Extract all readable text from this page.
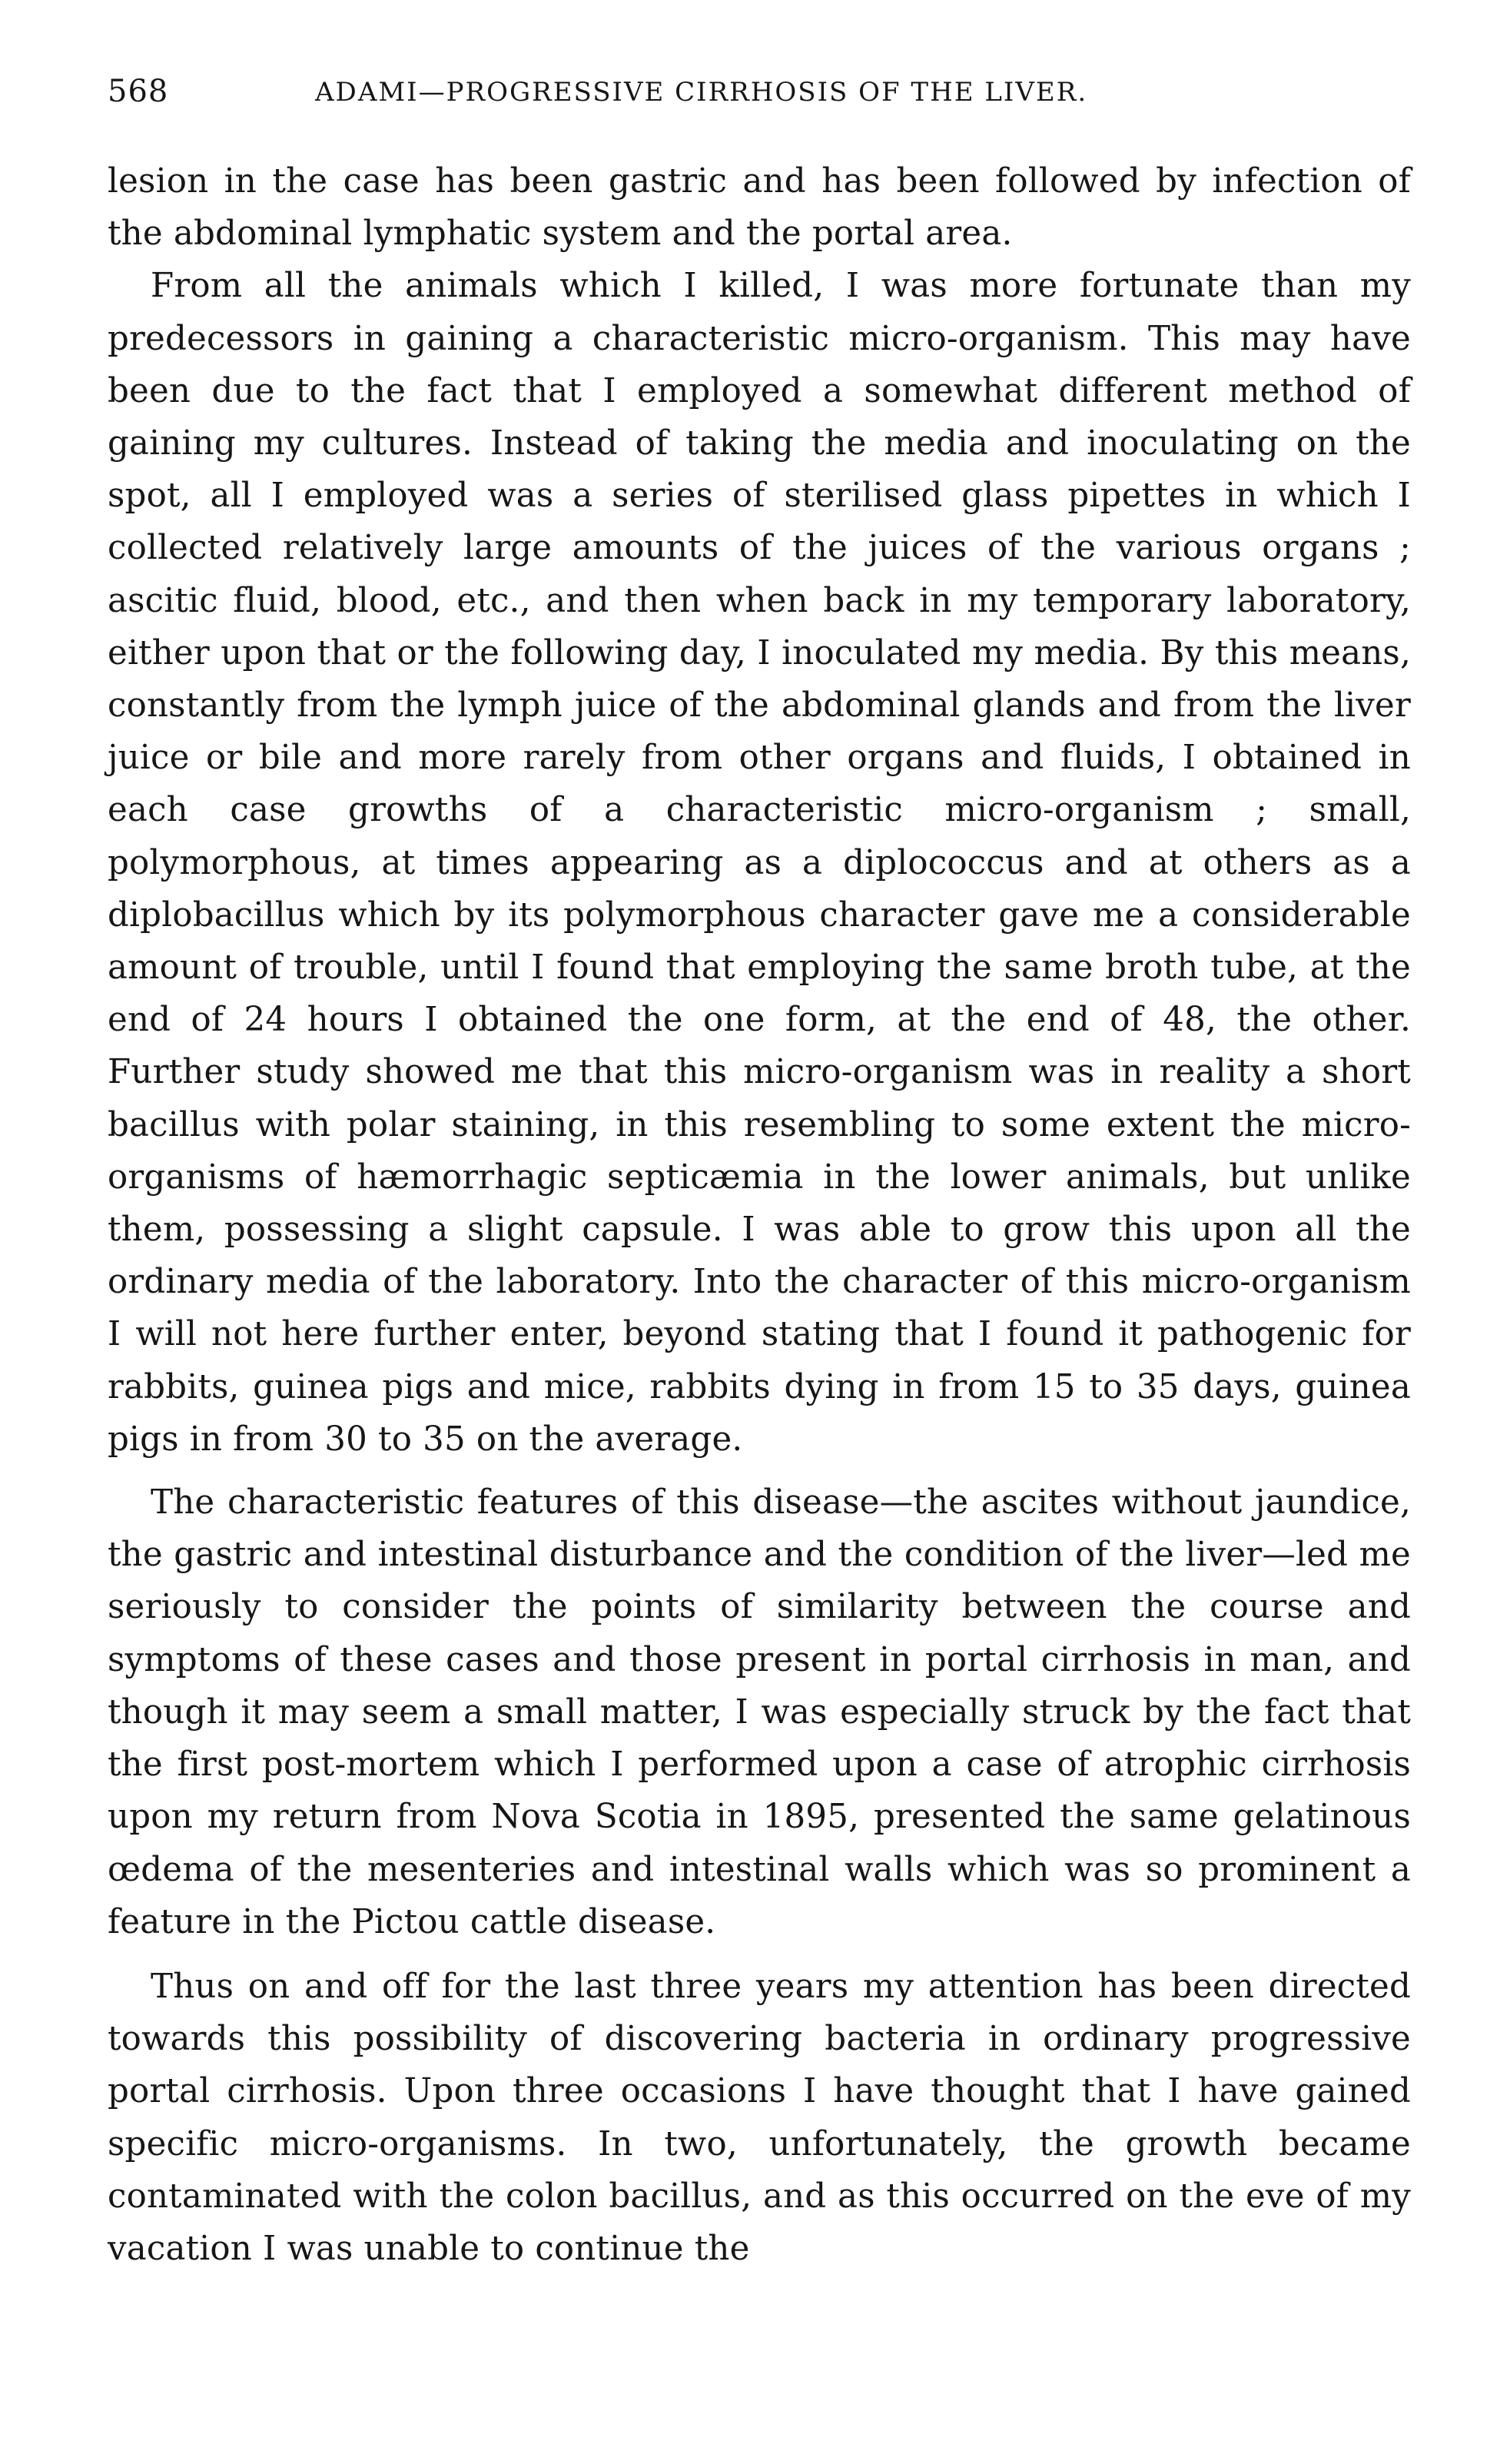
568	ADAMI—PROGRESSIVE CIRRHOSIS OF THE LIVER.

lesion in the case has been gastric and has been followed by infection of the abdominal lymphatic system and the portal area.

From all the animals which I killed, I was more fortunate than my predecessors in gaining a characteristic micro-organism. This may have been due to the fact that I employed a somewhat different method of gaining my cultures. Instead of taking the media and inoculating on the spot, all I employed was a series of sterilised glass pipettes in which I collected relatively large amounts of the juices of the various organs ; ascitic fluid, blood, etc., and then when back in my temporary laboratory, either upon that or the following day, I inoculated my media. By this means, constantly from the lymph juice of the abdominal glands and from the liver juice or bile and more rarely from other organs and fluids, I obtained in each case growths of a characteristic micro-organism ; small, polymorphous, at times appearing as a diplococcus and at others as a diplobacillus which by its polymorphous character gave me a considerable amount of trouble, until I found that employing the same broth tube, at the end of 24 hours I obtained the one form, at the end of 48, the other. Further study showed me that this micro-organism was in reality a short bacillus with polar staining, in this resembling to some extent the micro-organisms of hæmorrhagic septicæmia in the lower animals, but unlike them, possessing a slight capsule. I was able to grow this upon all the ordinary media of the laboratory. Into the character of this micro-organism I will not here further enter, beyond stating that I found it pathogenic for rabbits, guinea pigs and mice, rabbits dying in from 15 to 35 days, guinea pigs in from 30 to 35 on the average.

The characteristic features of this disease—the ascites without jaundice, the gastric and intestinal disturbance and the condition of the liver—led me seriously to consider the points of similarity between the course and symptoms of these cases and those present in portal cirrhosis in man, and though it may seem a small matter, I was especially struck by the fact that the first post-mortem which I performed upon a case of atrophic cirrhosis upon my return from Nova Scotia in 1895, presented the same gelatinous œdema of the mesenteries and intestinal walls which was so prominent a feature in the Pictou cattle disease.

Thus on and off for the last three years my attention has been directed towards this possibility of discovering bacteria in ordinary progressive portal cirrhosis. Upon three occasions I have thought that I have gained specific micro-organisms. In two, unfortunately, the growth became contaminated with the colon bacillus, and as this occurred on the eve of my vacation I was unable to continue the
